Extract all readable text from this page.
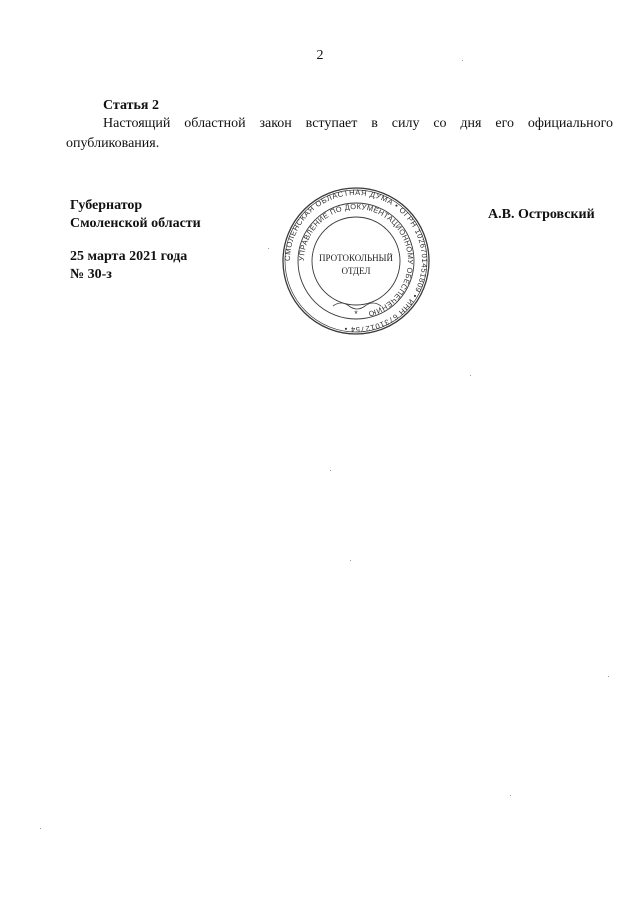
2
Статья 2
Настоящий областной закон вступает в силу со дня его официального
опубликования.
Губернатор
Смоленской области
25 марта 2021 года
№ 30-з
А.В. Островский
СМОЛЕНСКАЯ ОБЛАСТНАЯ ДУМА • ОГРН 1026701451809 • ИНН 6731012754 •
УПРАВЛЕНИЕ ПО ДОКУМЕНТАЦИОННОМУ ОБЕСПЕЧЕНИЮ
ПРОТОКОЛЬНЫЙ
ОТДЕЛ
*
